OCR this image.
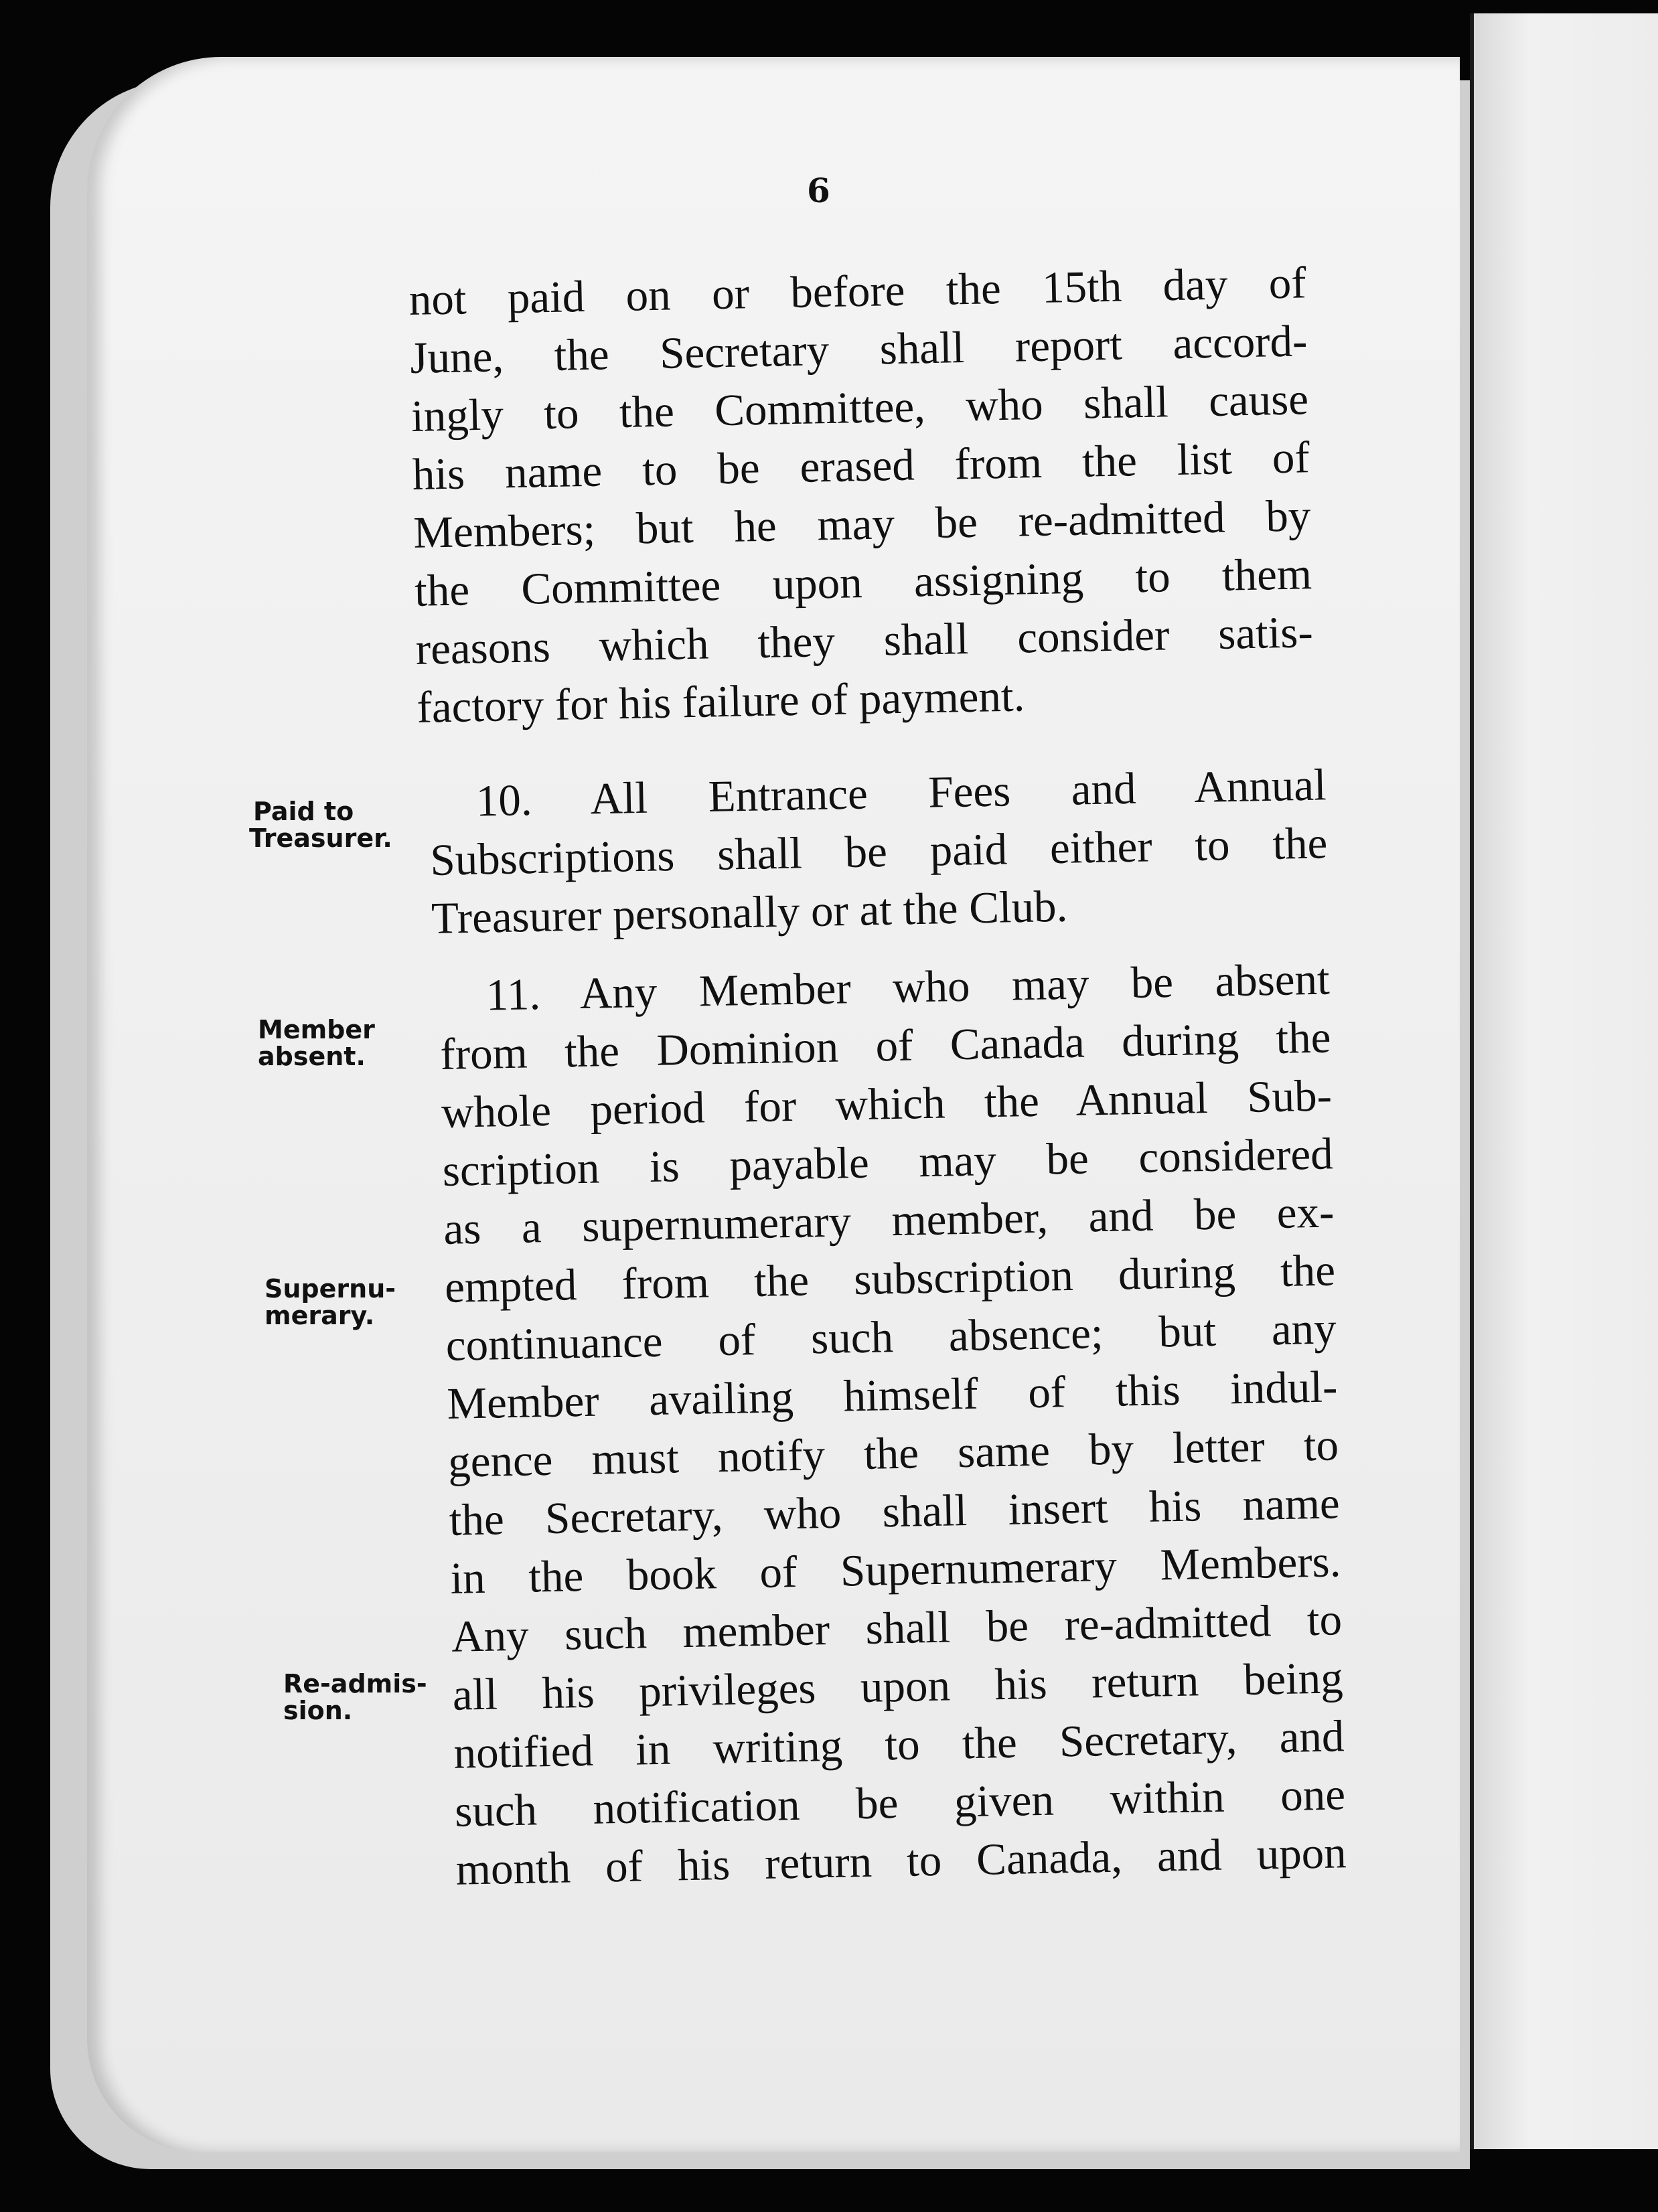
6
not paid on or before the 15th day of
June, the Secretary shall report accord-
ingly to the Committee, who shall cause
his name to be erased from the list of
Members; but he may be re-admitted by
the Committee upon assigning to them
reasons which they shall consider satis-
factory for his failure of payment.
10. All Entrance Fees and Annual
Subscriptions shall be paid either to the
Treasurer personally or at the Club.
11. Any Member who may be absent
from the Dominion of Canada during the
whole period for which the Annual Sub-
scription is payable may be considered
as a supernumerary member, and be ex-
empted from the subscription during the
continuance of such absence; but any
Member availing himself of this indul-
gence must notify the same by letter to
the Secretary, who shall insert his name
in the book of Supernumerary Members.
Any such member shall be re-admitted to
all his privileges upon his return being
notified in writing to the Secretary, and
such notification be given within one
month of his return to Canada, and upon
Paid to
Treasurer.
Member
absent.
Supernu-
merary.
Re-admis-
sion.
